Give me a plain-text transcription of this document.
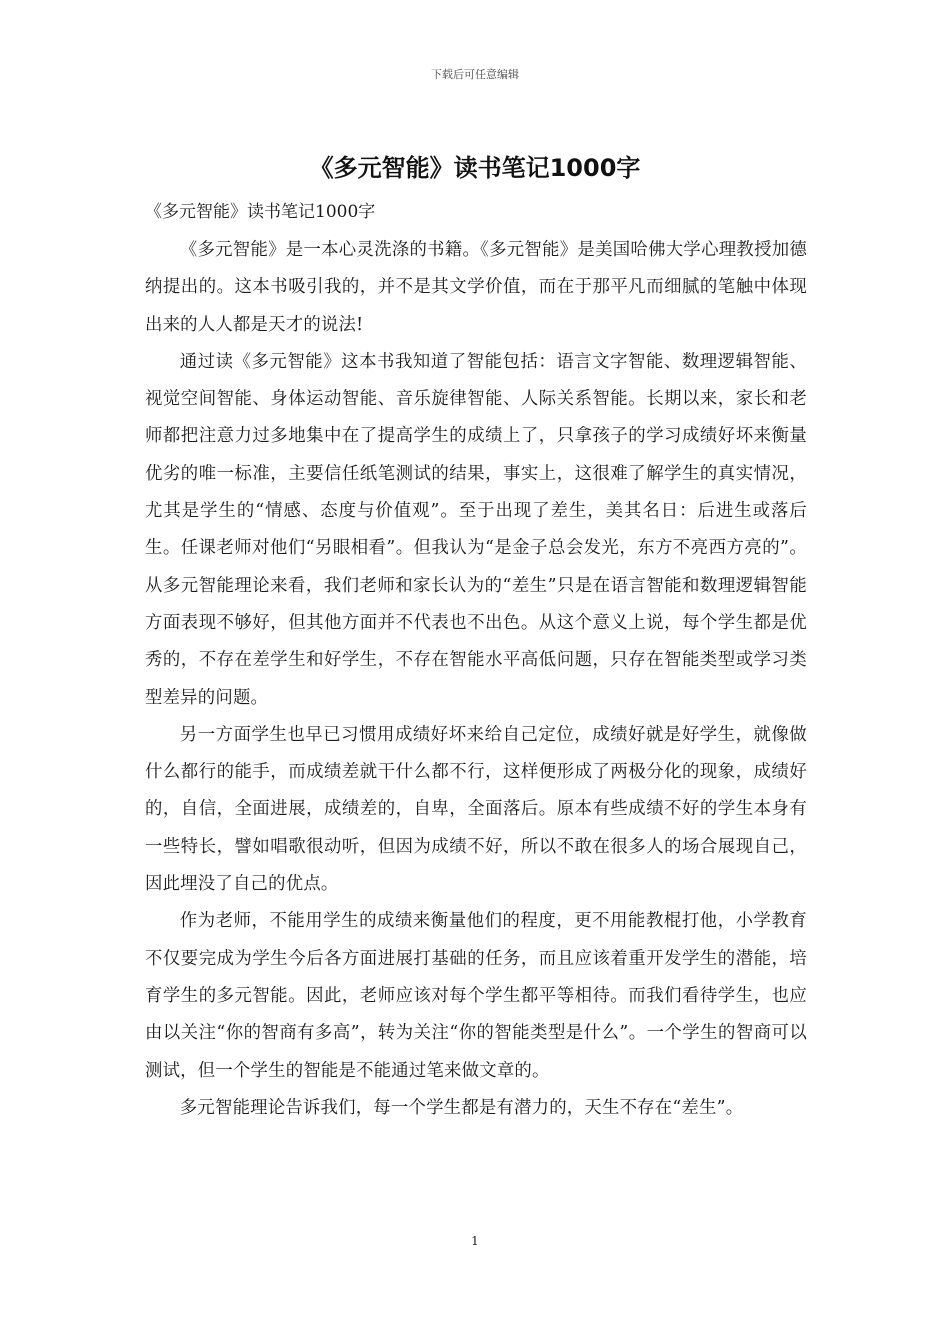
下载后可任意编辑
《多元智能》读书笔记1000字
《多元智能》读书笔记1000字

《多元智能》是一本心灵洗涤的书籍。《多元智能》是美国哈佛大学心理教授加德纳提出的。这本书吸引我的，并不是其文学价值，而在于那平凡而细腻的笔触中体现出来的人人都是天才的说法!

通过读《多元智能》这本书我知道了智能包括：语言文字智能、数理逻辑智能、视觉空间智能、身体运动智能、音乐旋律智能、人际关系智能。长期以来，家长和老师都把注意力过多地集中在了提高学生的成绩上了，只拿孩子的学习成绩好坏来衡量优劣的唯一标准，主要信任纸笔测试的结果，事实上，这很难了解学生的真实情况，尤其是学生的“情感、态度与价值观”。至于出现了差生，美其名日：后进生或落后生。任课老师对他们“另眼相看”。但我认为“是金子总会发光，东方不亮西方亮的”。从多元智能理论来看，我们老师和家长认为的“差生”只是在语言智能和数理逻辑智能方面表现不够好，但其他方面并不代表也不出色。从这个意义上说，每个学生都是优秀的，不存在差学生和好学生，不存在智能水平高低问题，只存在智能类型或学习类型差异的问题。

另一方面学生也早已习惯用成绩好坏来给自己定位，成绩好就是好学生，就像做什么都行的能手，而成绩差就干什么都不行，这样便形成了两极分化的现象，成绩好的，自信，全面进展，成绩差的，自卑，全面落后。原本有些成绩不好的学生本身有一些特长，譬如唱歌很动听，但因为成绩不好，所以不敢在很多人的场合展现自己，因此埋没了自己的优点。

作为老师，不能用学生的成绩来衡量他们的程度，更不用能教棍打他，小学教育不仅要完成为学生今后各方面进展打基础的任务，而且应该着重开发学生的潜能，培育学生的多元智能。因此，老师应该对每个学生都平等相待。而我们看待学生，也应由以关注“你的智商有多高”，转为关注“你的智能类型是什么”。一个学生的智商可以测试，但一个学生的智能是不能通过笔来做文章的。

多元智能理论告诉我们，每一个学生都是有潜力的，天生不存在“差生”。

1
